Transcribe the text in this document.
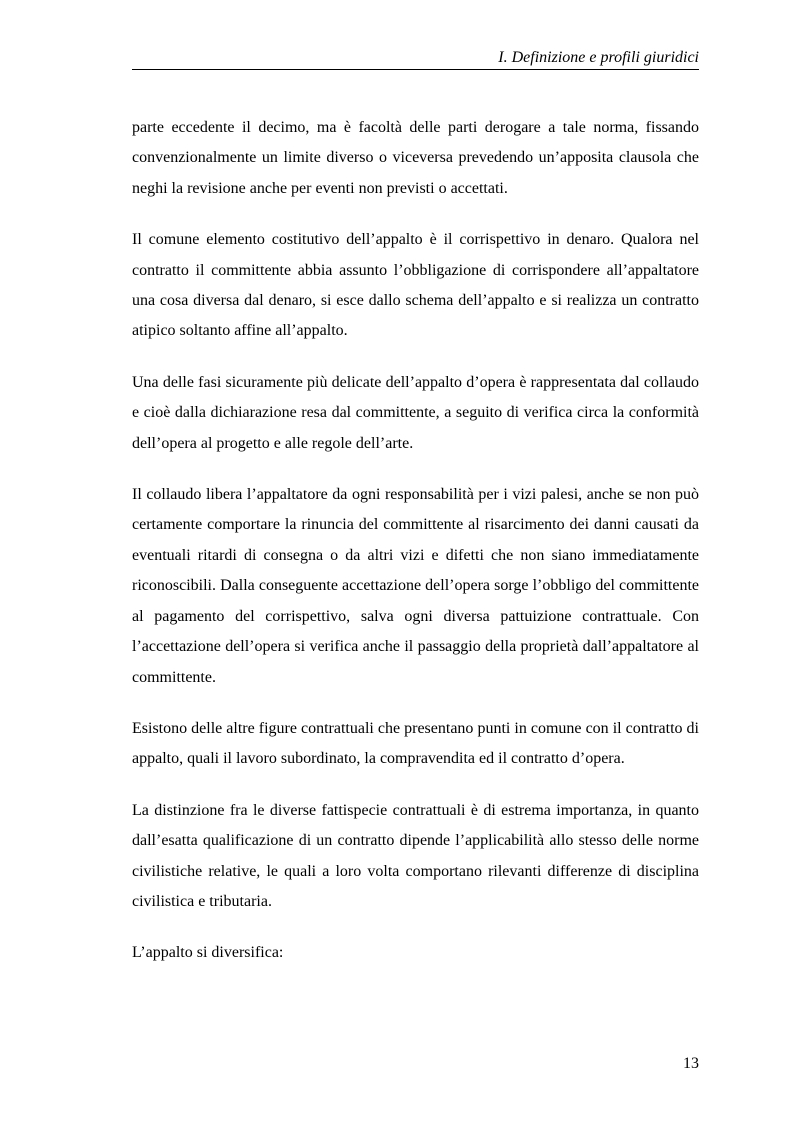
I. Definizione e profili giuridici

parte eccedente il decimo, ma è facoltà delle parti derogare a tale norma, fissando convenzionalmente un limite diverso o viceversa prevedendo un’apposita clausola che neghi la revisione anche per eventi non previsti o accettati.

Il comune elemento costitutivo dell’appalto è il corrispettivo in denaro. Qualora nel contratto il committente abbia assunto l’obbligazione di corrispondere all’appaltatore una cosa diversa dal denaro, si esce dallo schema dell’appalto e si realizza un contratto atipico soltanto affine all’appalto.

Una delle fasi sicuramente più delicate dell’appalto d’opera è rappresentata dal collaudo e cioè dalla dichiarazione resa dal committente, a seguito di verifica circa la conformità dell’opera al progetto e alle regole dell’arte.

Il collaudo libera l’appaltatore da ogni responsabilità per i vizi palesi, anche se non può certamente comportare la rinuncia del committente al risarcimento dei danni causati da eventuali ritardi di consegna o da altri vizi e difetti che non siano immediatamente riconoscibili. Dalla conseguente accettazione dell’opera sorge l’obbligo del committente al pagamento del corrispettivo, salva ogni diversa pattuizione contrattuale. Con l’accettazione dell’opera si verifica anche il passaggio della proprietà dall’appaltatore al committente.

Esistono delle altre figure contrattuali che presentano punti in comune con il contratto di appalto, quali il lavoro subordinato, la compravendita ed il contratto d’opera.

La distinzione fra le diverse fattispecie contrattuali è di estrema importanza, in quanto dall’esatta qualificazione di un contratto dipende l’applicabilità allo stesso delle norme civilistiche relative, le quali a loro volta comportano rilevanti differenze di disciplina civilistica e tributaria.

L’appalto si diversifica:

13
